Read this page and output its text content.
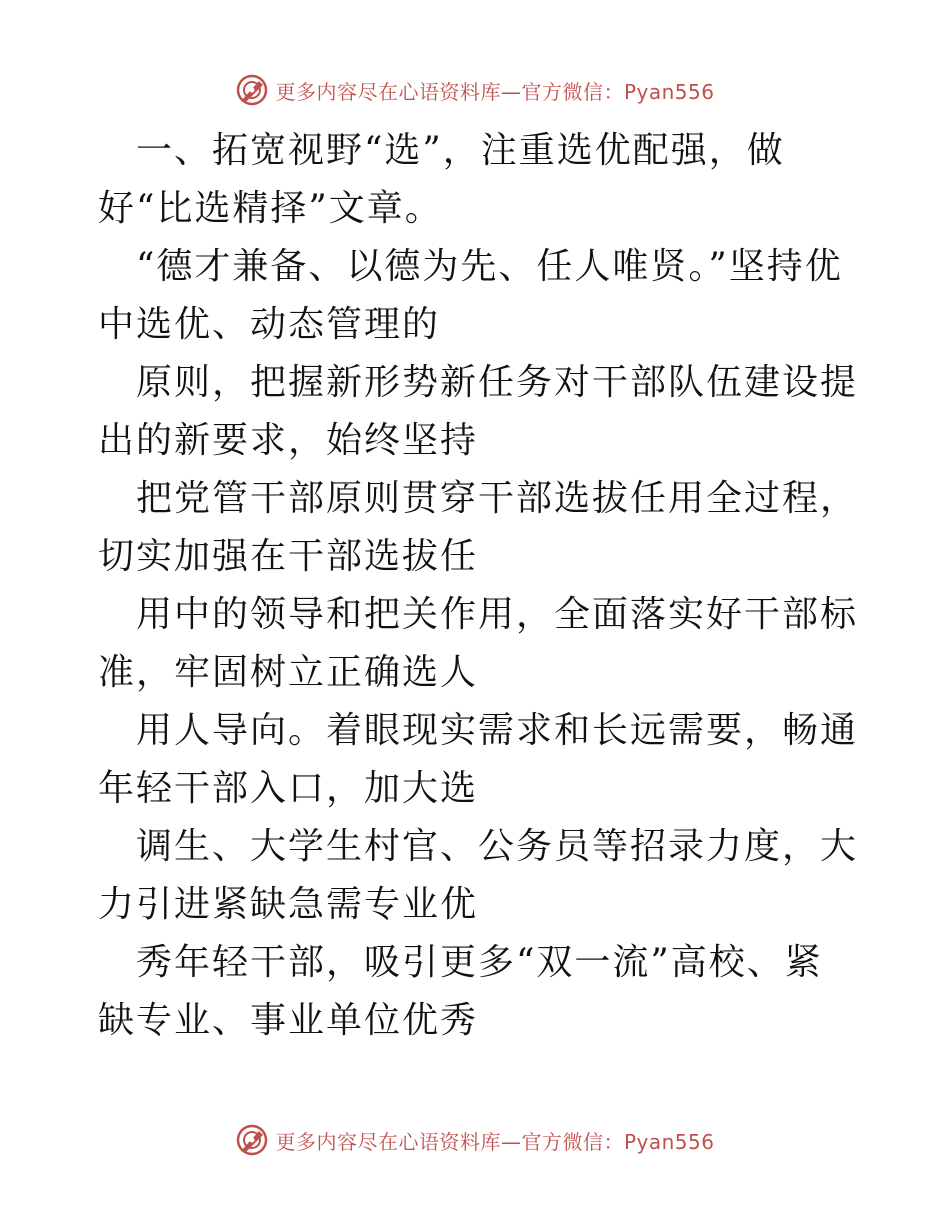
更多内容尽在心语资料库—官方微信：Pyan556

一、拓宽视野“选”，注重选优配强，做好“比选精择”文章。

“德才兼备、以德为先、任人唯贤。”坚持优中选优、动态管理的

原则，把握新形势新任务对干部队伍建设提出的新要求，始终坚持

把党管干部原则贯穿干部选拔任用全过程，切实加强在干部选拔任

用中的领导和把关作用，全面落实好干部标准，牢固树立正确选人

用人导向。着眼现实需求和长远需要，畅通年轻干部入口，加大选

调生、大学生村官、公务员等招录力度，大力引进紧缺急需专业优

秀年轻干部，吸引更多“双一流”高校、紧缺专业、事业单位优秀

更多内容尽在心语资料库—官方微信：Pyan556
